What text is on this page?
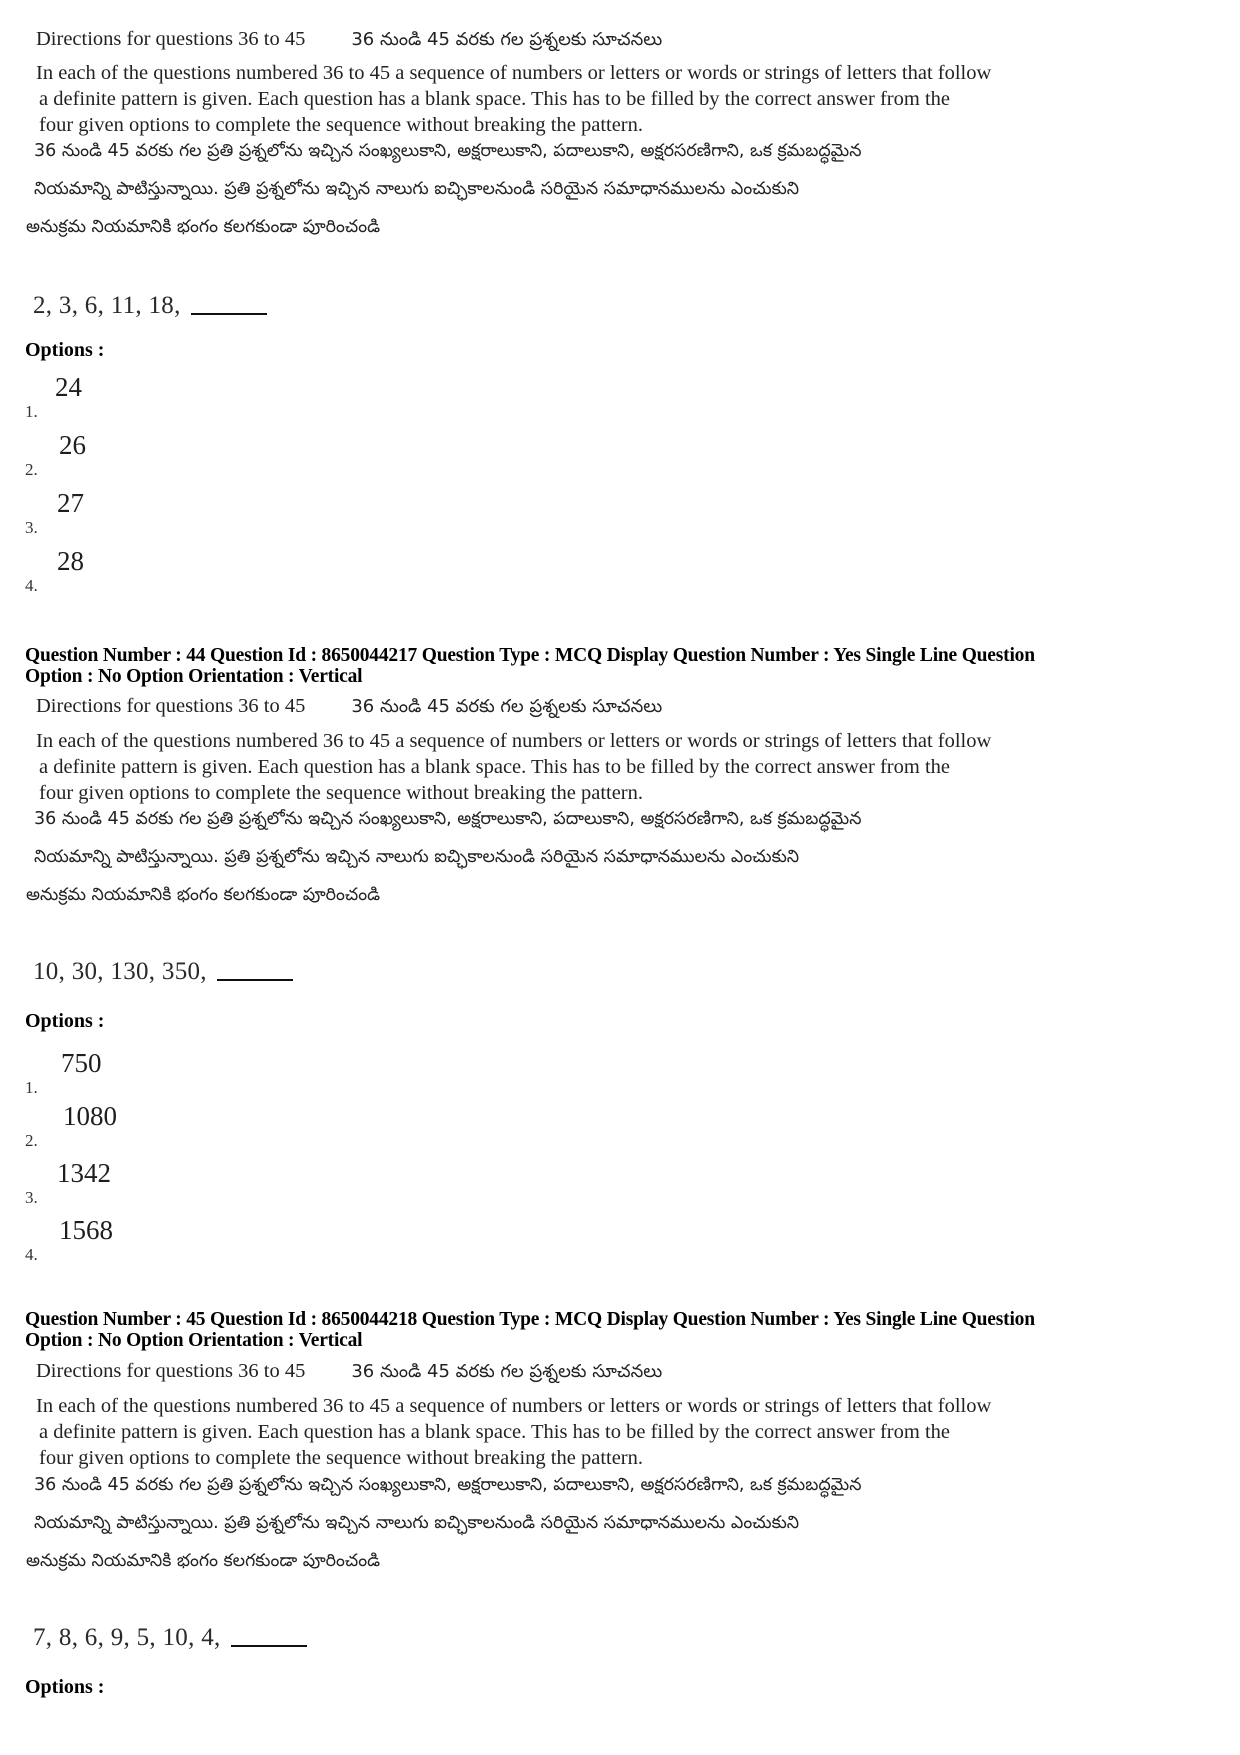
Directions for questions 36 to 45	36 నుండి 45 వరకు గల ప్రశ్నలకు సూచనలు
In each of the questions numbered 36 to 45 a sequence of numbers or letters or words or strings of letters that follow
a definite pattern is given. Each question has a blank space. This has to be filled by the correct answer from the
four given options to complete the sequence without breaking the pattern.
36 నుండి 45 వరకు గల ప్రతి ప్రశ్నలోను ఇచ్చిన సంఖ్యలుకాని, అక్షరాలుకాని, పదాలుకాని, అక్షరసరణిగాని, ఒక క్రమబద్ధమైన
నియమాన్ని పాటిస్తున్నాయి. ప్రతి ప్రశ్నలోను ఇచ్చిన నాలుగు ఐచ్ఛికాలనుండి సరియైన సమాధానములను ఎంచుకుని
అనుక్రమ నియమానికి భంగం కలగకుండా పూరించండి
2, 3, 6, 11, 18,
Options :
1.
24
2.
26
3.
27
4.
28
Question Number : 44 Question Id : 8650044217 Question Type : MCQ Display Question Number : Yes Single Line Question
Option : No Option Orientation : Vertical
Directions for questions 36 to 45	36 నుండి 45 వరకు గల ప్రశ్నలకు సూచనలు
In each of the questions numbered 36 to 45 a sequence of numbers or letters or words or strings of letters that follow
a definite pattern is given. Each question has a blank space. This has to be filled by the correct answer from the
four given options to complete the sequence without breaking the pattern.
36 నుండి 45 వరకు గల ప్రతి ప్రశ్నలోను ఇచ్చిన సంఖ్యలుకాని, అక్షరాలుకాని, పదాలుకాని, అక్షరసరణిగాని, ఒక క్రమబద్ధమైన
నియమాన్ని పాటిస్తున్నాయి. ప్రతి ప్రశ్నలోను ఇచ్చిన నాలుగు ఐచ్ఛికాలనుండి సరియైన సమాధానములను ఎంచుకుని
అనుక్రమ నియమానికి భంగం కలగకుండా పూరించండి
10, 30, 130, 350,
Options :
1.
750
2.
1080
3.
1342
4.
1568
Question Number : 45 Question Id : 8650044218 Question Type : MCQ Display Question Number : Yes Single Line Question
Option : No Option Orientation : Vertical
Directions for questions 36 to 45	36 నుండి 45 వరకు గల ప్రశ్నలకు సూచనలు
In each of the questions numbered 36 to 45 a sequence of numbers or letters or words or strings of letters that follow
a definite pattern is given. Each question has a blank space. This has to be filled by the correct answer from the
four given options to complete the sequence without breaking the pattern.
36 నుండి 45 వరకు గల ప్రతి ప్రశ్నలోను ఇచ్చిన సంఖ్యలుకాని, అక్షరాలుకాని, పదాలుకాని, అక్షరసరణిగాని, ఒక క్రమబద్ధమైన
నియమాన్ని పాటిస్తున్నాయి. ప్రతి ప్రశ్నలోను ఇచ్చిన నాలుగు ఐచ్ఛికాలనుండి సరియైన సమాధానములను ఎంచుకుని
అనుక్రమ నియమానికి భంగం కలగకుండా పూరించండి
7, 8, 6, 9, 5, 10, 4,
Options :
